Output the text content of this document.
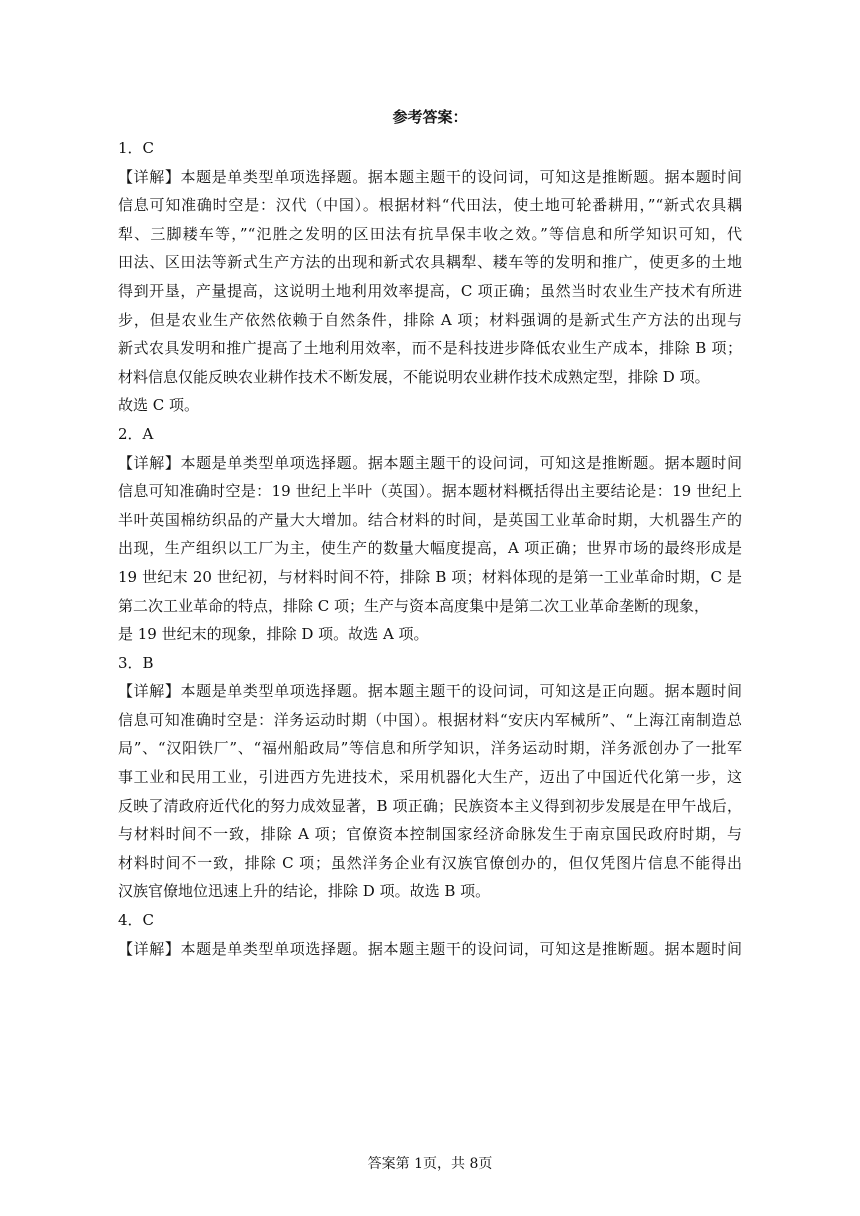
参考答案：
1．C
【详解】本题是单类型单项选择题。据本题主题干的设问词，可知这是推断题。据本题时间
信息可知准确时空是：汉代（中国）。根据材料“代田法，使土地可轮番耕用，”“新式农具耦
犁、三脚耧车等，”“氾胜之发明的区田法有抗旱保丰收之效。”等信息和所学知识可知，代
田法、区田法等新式生产方法的出现和新式农具耦犁、耧车等的发明和推广，使更多的土地
得到开垦，产量提高，这说明土地利用效率提高，C 项正确；虽然当时农业生产技术有所进
步，但是农业生产依然依赖于自然条件，排除 A 项；材料强调的是新式生产方法的出现与
新式农具发明和推广提高了土地利用效率，而不是科技进步降低农业生产成本，排除 B 项；
材料信息仅能反映农业耕作技术不断发展，不能说明农业耕作技术成熟定型，排除 D 项。
故选 C 项。
2．A
【详解】本题是单类型单项选择题。据本题主题干的设问词，可知这是推断题。据本题时间
信息可知准确时空是：19 世纪上半叶（英国）。据本题材料概括得出主要结论是：19 世纪上
半叶英国棉纺织品的产量大大增加。结合材料的时间，是英国工业革命时期，大机器生产的
出现，生产组织以工厂为主，使生产的数量大幅度提高，A 项正确；世界市场的最终形成是
19 世纪末 20 世纪初，与材料时间不符，排除 B 项；材料体现的是第一工业革命时期，C 是
第二次工业革命的特点，排除 C 项；生产与资本高度集中是第二次工业革命垄断的现象，
是 19 世纪末的现象，排除 D 项。故选 A 项。
3．B
【详解】本题是单类型单项选择题。据本题主题干的设问词，可知这是正向题。据本题时间
信息可知准确时空是：洋务运动时期（中国）。根据材料“安庆内军械所”、“上海江南制造总
局”、“汉阳铁厂”、“福州船政局”等信息和所学知识，洋务运动时期，洋务派创办了一批军
事工业和民用工业，引进西方先进技术，采用机器化大生产，迈出了中国近代化第一步，这
反映了清政府近代化的努力成效显著，B 项正确；民族资本主义得到初步发展是在甲午战后，
与材料时间不一致，排除 A 项；官僚资本控制国家经济命脉发生于南京国民政府时期，与
材料时间不一致，排除 C 项；虽然洋务企业有汉族官僚创办的，但仅凭图片信息不能得出
汉族官僚地位迅速上升的结论，排除 D 项。故选 B 项。
4．C
【详解】本题是单类型单项选择题。据本题主题干的设问词，可知这是推断题。据本题时间
答案第 1页，共 8页
